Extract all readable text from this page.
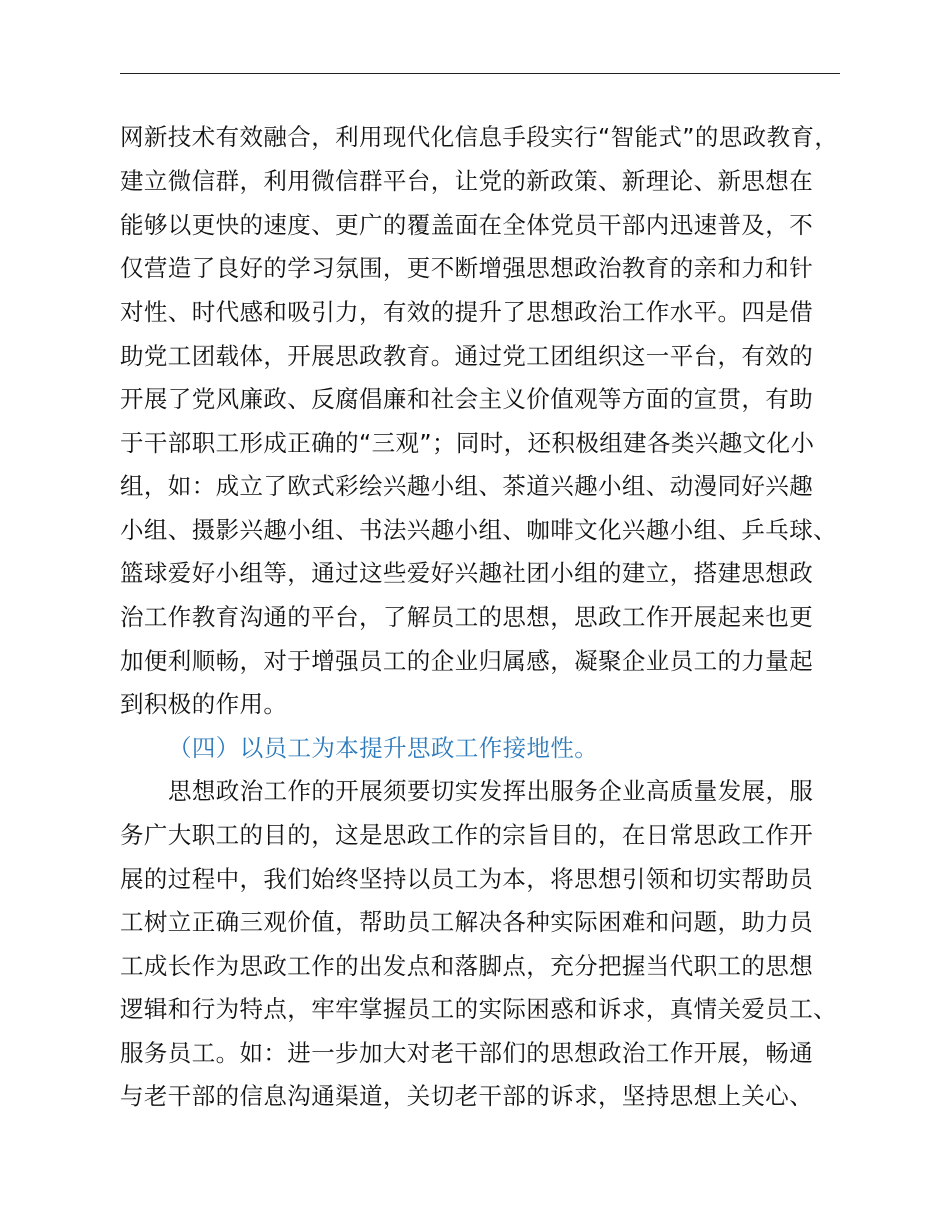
网新技术有效融合，利用现代化信息手段实行“智能式”的思政教育，
建立微信群，利用微信群平台，让党的新政策、新理论、新思想在
能够以更快的速度、更广的覆盖面在全体党员干部内迅速普及，不
仅营造了良好的学习氛围，更不断增强思想政治教育的亲和力和针
对性、时代感和吸引力，有效的提升了思想政治工作水平。四是借
助党工团载体，开展思政教育。通过党工团组织这一平台，有效的
开展了党风廉政、反腐倡廉和社会主义价值观等方面的宣贯，有助
于干部职工形成正确的“三观”；同时，还积极组建各类兴趣文化小
组，如：成立了欧式彩绘兴趣小组、茶道兴趣小组、动漫同好兴趣
小组、摄影兴趣小组、书法兴趣小组、咖啡文化兴趣小组、乒乓球、
篮球爱好小组等，通过这些爱好兴趣社团小组的建立，搭建思想政
治工作教育沟通的平台，了解员工的思想，思政工作开展起来也更
加便利顺畅，对于增强员工的企业归属感，凝聚企业员工的力量起
到积极的作用。
（四）以员工为本提升思政工作接地性。
思想政治工作的开展须要切实发挥出服务企业高质量发展，服
务广大职工的目的，这是思政工作的宗旨目的，在日常思政工作开
展的过程中，我们始终坚持以员工为本，将思想引领和切实帮助员
工树立正确三观价值，帮助员工解决各种实际困难和问题，助力员
工成长作为思政工作的出发点和落脚点，充分把握当代职工的思想
逻辑和行为特点，牢牢掌握员工的实际困惑和诉求，真情关爱员工、
服务员工。如：进一步加大对老干部们的思想政治工作开展，畅通
与老干部的信息沟通渠道，关切老干部的诉求，坚持思想上关心、
